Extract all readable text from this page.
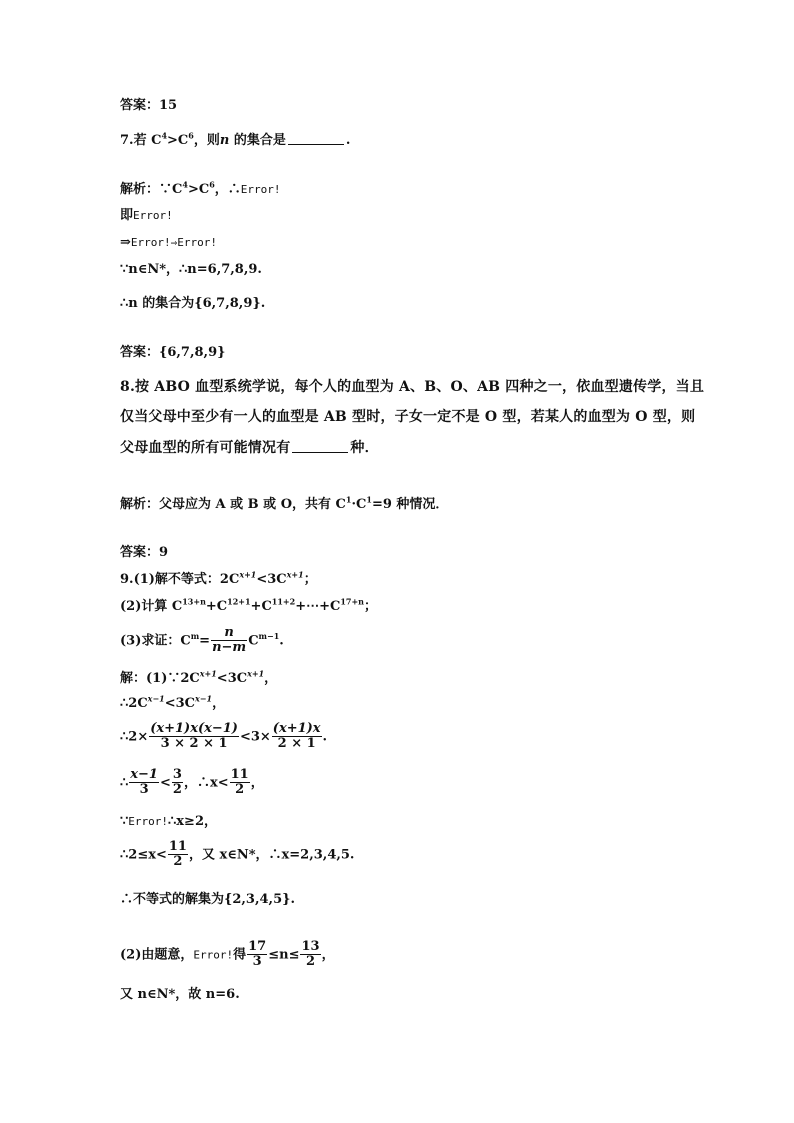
答案：15
7.若 $C^4>C^6$，则n 的集合是	.
解析：$\because C^4>C^6$，∴Error!
即Error!
⇒Error!⇒Error!
∵n∈N*，∴n=6,7,8,9.
∴n 的集合为{6,7,8,9}.
答案：{6,7,8,9}
8.按 ABO 血型系统学说，每个人的血型为 A、B、O、AB 四种之一，依血型遗传学，当且
仅当父母中至少有一人的血型是 AB 型时，子女一定不是 O 型，若某人的血型为 O 型，则
父母血型的所有可能情况有	种．
解析：父母应为 A 或 B 或 O，共有 $C^1\cdot C^1=9$ 种情况．
答案：9
9.(1)解不等式：$2C^{x+1}<3C^{x+1}$；
(2)计算 $C^{13+n}+C^{12+1}+C^{11+2}+\cdots+C^{17+n}$；
(3)求证：$C^m= \frac{n}{n-m} C^{m-1}$.
解：$(1)\because 2C^{x+1}<3C^{x+1}$，
$\therefore 2C^{x-1}<3C^{x-1}$，
∴2× $\frac{(x+1)x(x-1)}{3 \times 2 \times 1} <3\times \frac{(x+1)x}{2 \times 1}$ .
∴ $\frac{x-1}{3} < \frac{3}{2}$ ，∴x< $\frac{11}{2}$ ，
∵Error!∴x≥2，
∴2≤x< $\frac{11}{2}$ ，又 x∈N*，∴x=2,3,4,5.
∴不等式的解集为{2,3,4,5}.
(2)由题意，Error!得 $\frac{17}{3} \le n\le \frac{13}{2}$ ，
又 n∈N*，故 n=6.
